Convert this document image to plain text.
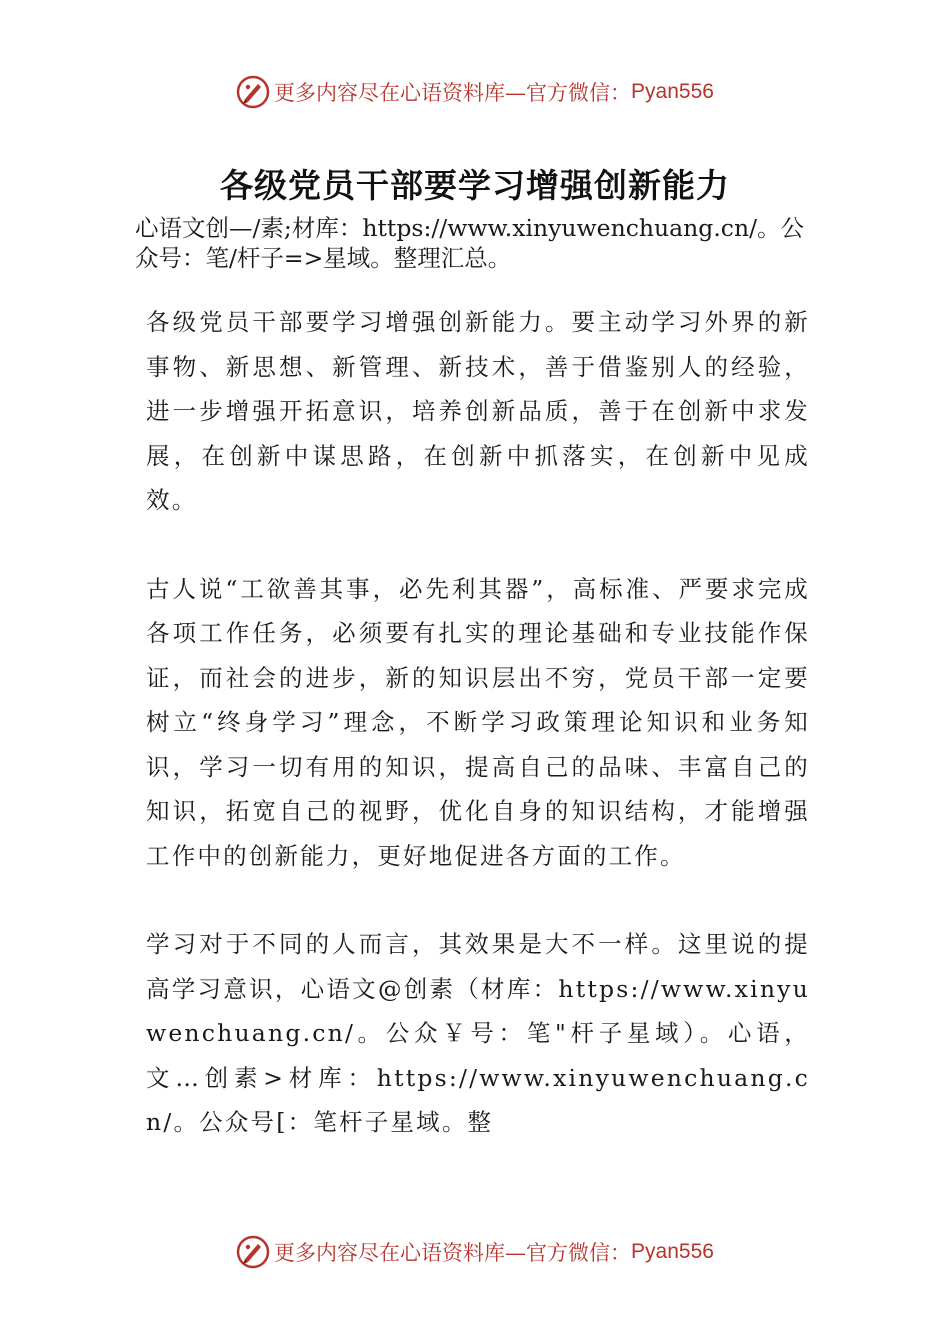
更多内容尽在心语资料库—官方微信： Pyan556
各级党员干部要学习增强创新能力
心语文创—/素;材库：https://www.xinyuwenchuang.cn/。公众号：笔/杆子=>星域。整理汇总。

各级党员干部要学习增强创新能力。要主动学习外界的新事物、新思想、新管理、新技术，善于借鉴别人的经验，进一步增强开拓意识，培养创新品质，善于在创新中求发展，在创新中谋思路，在创新中抓落实，在创新中见成效。

古人说“工欲善其事，必先利其器”，高标准、严要求完成各项工作任务，必须要有扎实的理论基础和专业技能作保证，而社会的进步，新的知识层出不穷，党员干部一定要树立“终身学习”理念，不断学习政策理论知识和业务知识，学习一切有用的知识，提高自己的品味、丰富自己的知识，拓宽自己的视野，优化自身的知识结构，才能增强工作中的创新能力，更好地促进各方面的工作。

学习对于不同的人而言，其效果是大不一样。这里说的提高学习意识，心语文@创素（材库：https://www.xinyuwenchuang.cn/。公众￥号：笔"杆子星域）。心语，文…创素>材库：https://www.xinyuwenchuang.cn/。公众号[：笔杆子星域。整

更多内容尽在心语资料库—官方微信： Pyan556
